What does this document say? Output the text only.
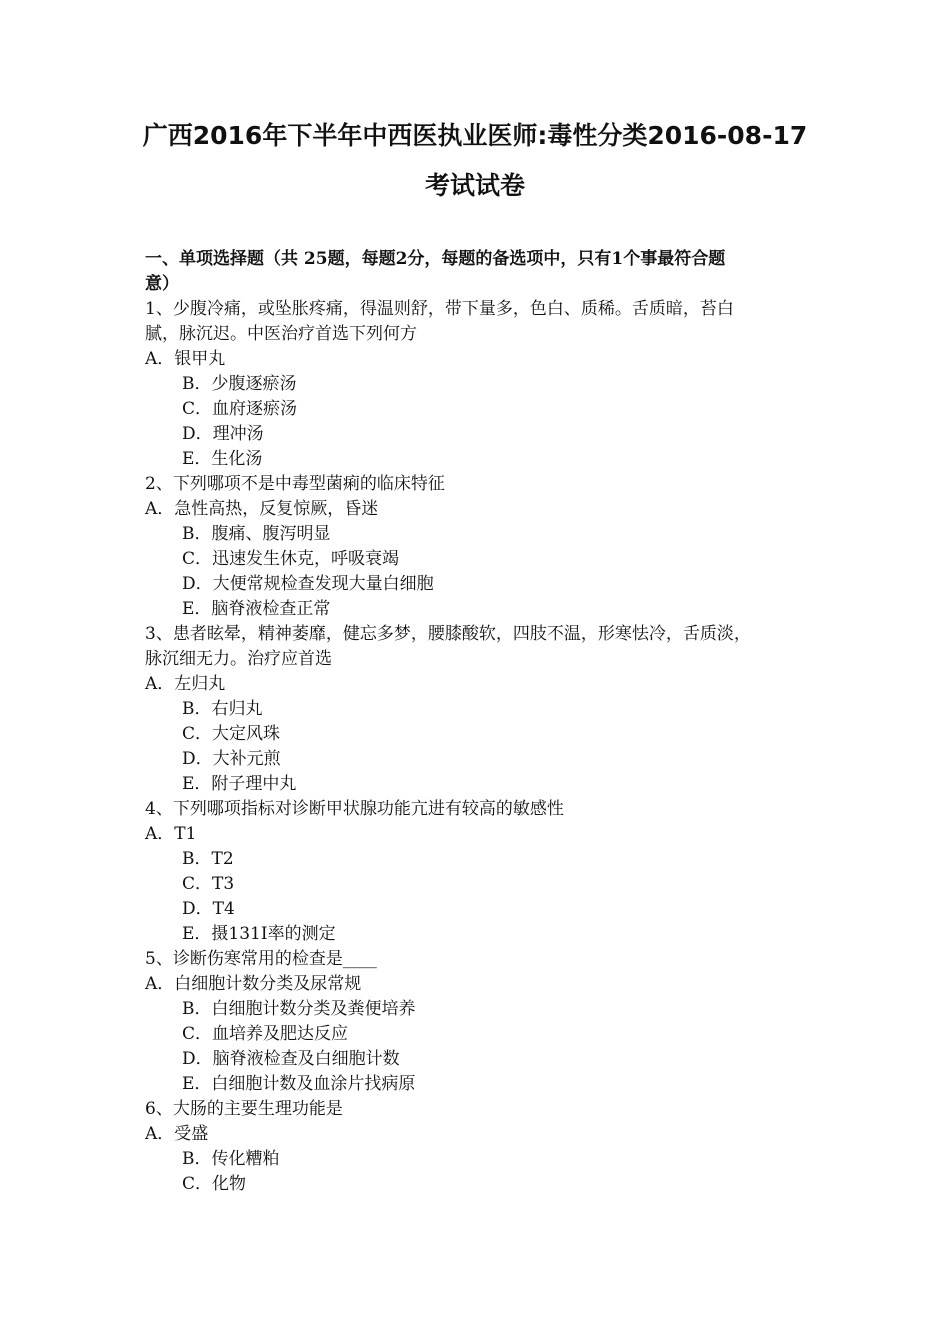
广西2016年下半年中西医执业医师:毒性分类2016-08-17
考试试卷
一、单项选择题（共 25题，每题2分，每题的备选项中，只有1个事最符合题
意）
1、少腹冷痛，或坠胀疼痛，得温则舒，带下量多，色白、质稀。舌质暗，苔白
腻，脉沉迟。中医治疗首选下列何方
A．银甲丸
B．少腹逐瘀汤
C．血府逐瘀汤
D．理冲汤
E．生化汤
2、下列哪项不是中毒型菌痢的临床特征
A．急性高热，反复惊厥，昏迷
B．腹痛、腹泻明显
C．迅速发生休克，呼吸衰竭
D．大便常规检查发现大量白细胞
E．脑脊液检查正常
3、患者眩晕，精神萎靡，健忘多梦，腰膝酸软，四肢不温，形寒怯冷，舌质淡，
脉沉细无力。治疗应首选
A．左归丸
B．右归丸
C．大定风珠
D．大补元煎
E．附子理中丸
4、下列哪项指标对诊断甲状腺功能亢进有较高的敏感性
A．T1
B．T2
C．T3
D．T4
E．摄131Ⅰ率的测定
5、诊断伤寒常用的检查是____
A．白细胞计数分类及尿常规
B．白细胞计数分类及粪便培养
C．血培养及肥达反应
D．脑脊液检查及白细胞计数
E．白细胞计数及血涂片找病原
6、大肠的主要生理功能是
A．受盛
B．传化糟粕
C．化物
